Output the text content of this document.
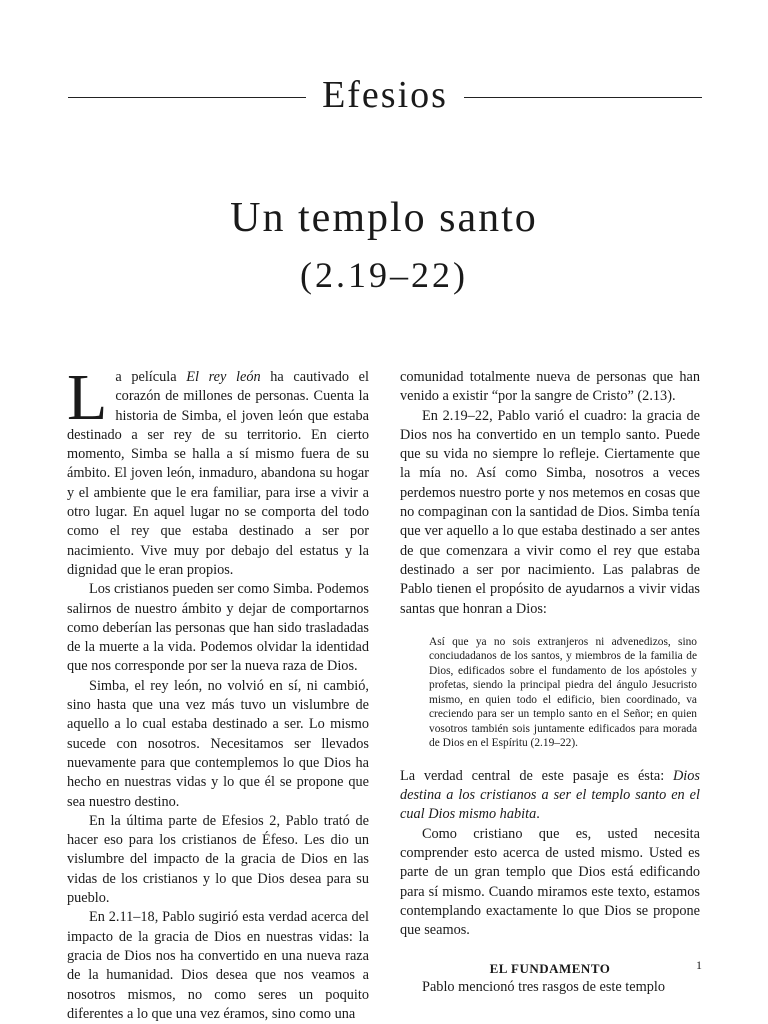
Efesios
Un templo santo
(2.19–22)

La película El rey león ha cautivado el corazón de millones de personas. Cuenta la historia de Simba, el joven león que estaba destinado a ser rey de su territorio. En cierto momento, Simba se halla a sí mismo fuera de su ámbito. El joven león, inmaduro, abandona su hogar y el ambiente que le era familiar, para irse a vivir a otro lugar. En aquel lugar no se comporta del todo como el rey que estaba destinado a ser por nacimiento. Vive muy por debajo del estatus y la dignidad que le eran propios.

Los cristianos pueden ser como Simba. Podemos salirnos de nuestro ámbito y dejar de comportarnos como deberían las personas que han sido trasladadas de la muerte a la vida. Podemos olvidar la identidad que nos corresponde por ser la nueva raza de Dios.

Simba, el rey león, no volvió en sí, ni cambió, sino hasta que una vez más tuvo un vislumbre de aquello a lo cual estaba destinado a ser. Lo mismo sucede con nosotros. Necesitamos ser llevados nuevamente para que contemplemos lo que Dios ha hecho en nuestras vidas y lo que él se propone que sea nuestro destino.

En la última parte de Efesios 2, Pablo trató de hacer eso para los cristianos de Éfeso. Les dio un vislumbre del impacto de la gracia de Dios en las vidas de los cristianos y lo que Dios desea para su pueblo.

En 2.11–18, Pablo sugirió esta verdad acerca del impacto de la gracia de Dios en nuestras vidas: la gracia de Dios nos ha convertido en una nueva raza de la humanidad. Dios desea que nos veamos a nosotros mismos, no como seres un poquito diferentes a lo que una vez éramos, sino como una

comunidad totalmente nueva de personas que han venido a existir “por la sangre de Cristo” (2.13).

En 2.19–22, Pablo varió el cuadro: la gracia de Dios nos ha convertido en un templo santo. Puede que su vida no siempre lo refleje. Ciertamente que la mía no. Así como Simba, nosotros a veces perdemos nuestro porte y nos metemos en cosas que no compaginan con la santidad de Dios. Simba tenía que ver aquello a lo que estaba destinado a ser antes de que comenzara a vivir como el rey que estaba destinado a ser por nacimiento. Las palabras de Pablo tienen el propósito de ayudarnos a vivir vidas santas que honran a Dios:

Así que ya no sois extranjeros ni advenedizos, sino conciudadanos de los santos, y miembros de la familia de Dios, edificados sobre el fundamento de los apóstoles y profetas, siendo la principal piedra del ángulo Jesucristo mismo, en quien todo el edificio, bien coordinado, va creciendo para ser un templo santo en el Señor; en quien vosotros también sois juntamente edificados para morada de Dios en el Espíritu (2.19–22).

La verdad central de este pasaje es ésta: Dios destina a los cristianos a ser el templo santo en el cual Dios mismo habita.

Como cristiano que es, usted necesita comprender esto acerca de usted mismo. Usted es parte de un gran templo que Dios está edificando para sí mismo. Cuando miramos este texto, estamos contemplando exactamente lo que Dios se propone que seamos.

EL FUNDAMENTO

Pablo mencionó tres rasgos de este templo

1
